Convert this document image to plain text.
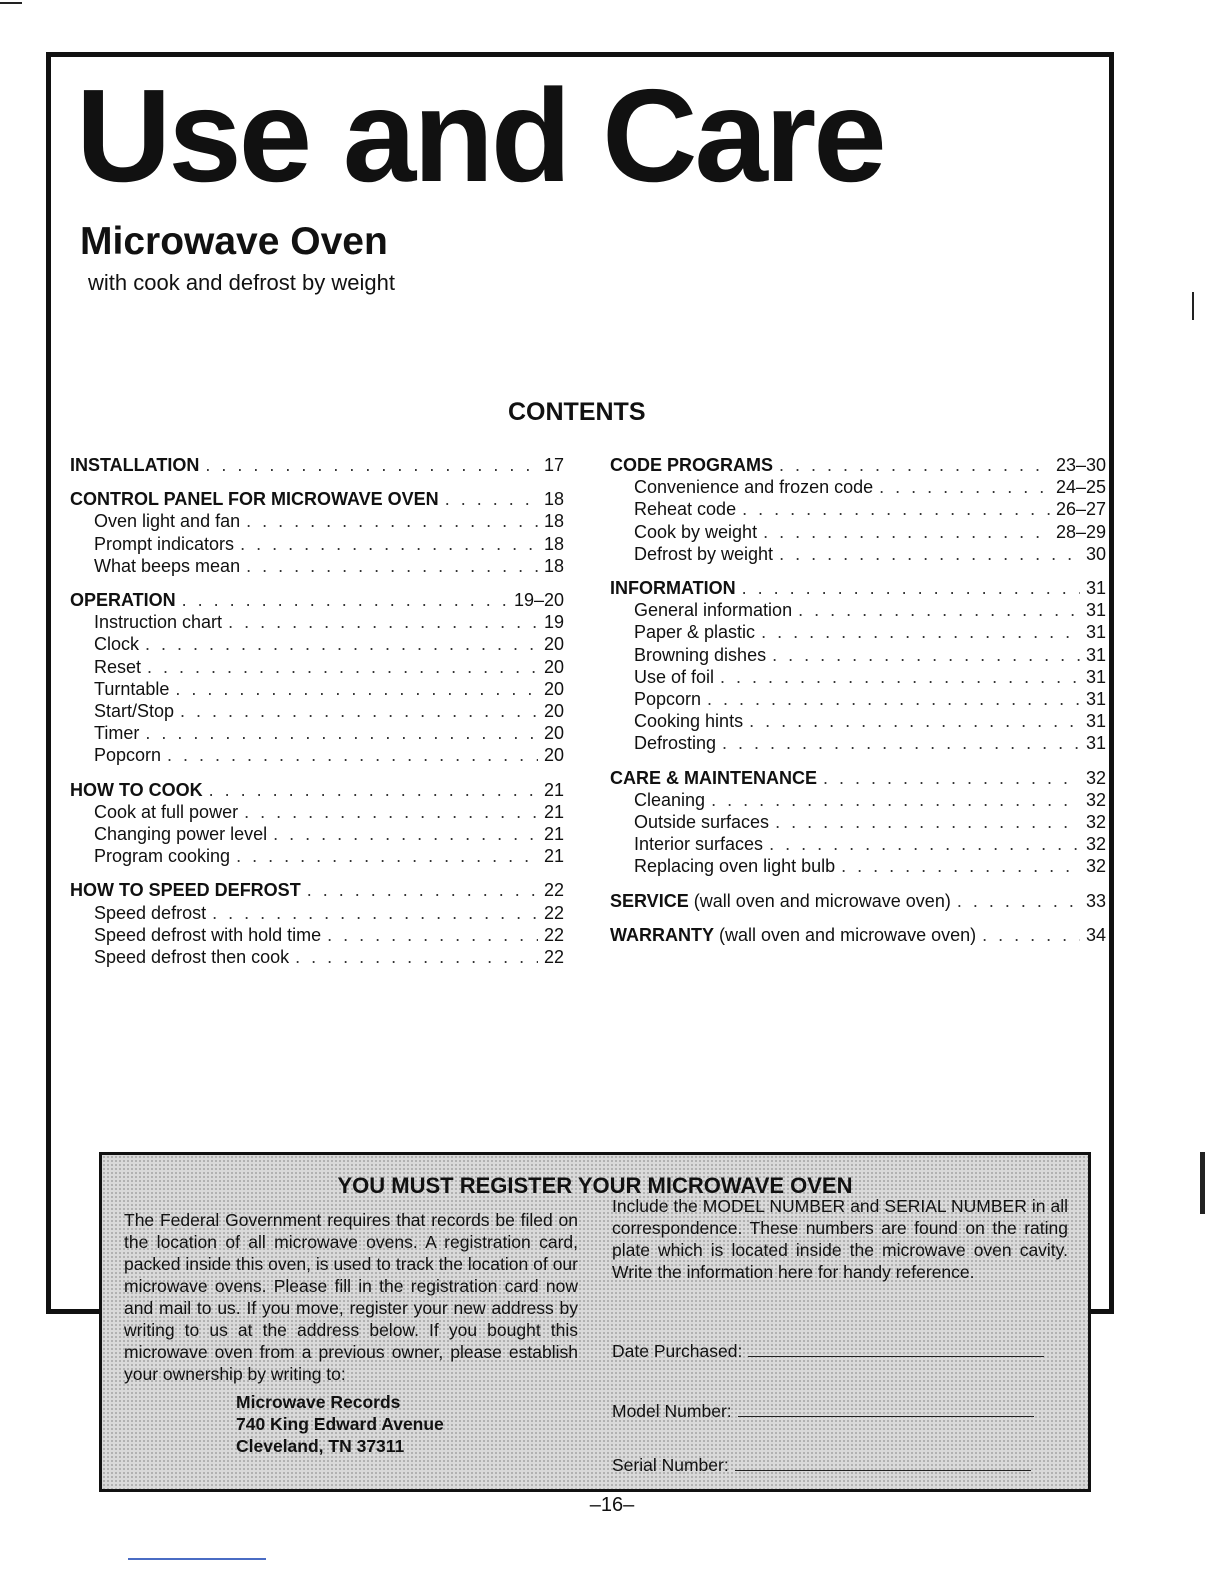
Use and Care
Microwave Oven
with cook and defrost by weight
CONTENTS
INSTALLATION . . .	17
CONTROL PANEL FOR MICROWAVE OVEN . . .	18
Oven light and fan . . .	18
Prompt indicators . . .	18
What beeps mean . . .	18
OPERATION . . .	19–20
Instruction chart . . .	19
Clock . . .	20
Reset . . .	20
Turntable . . .	20
Start/Stop . . .	20
Timer . . .	20
Popcorn . . .	20
HOW TO COOK . . .	21
Cook at full power . . .	21
Changing power level . . .	21
Program cooking . . .	21
HOW TO SPEED DEFROST . . .	22
Speed defrost . . .	22
Speed defrost with hold time . . .	22
Speed defrost then cook . . .	22
CODE PROGRAMS . . .	23–30
Convenience and frozen code . . .	24–25
Reheat code . . .	26–27
Cook by weight . . .	28–29
Defrost by weight . . .	30
INFORMATION . . .	31
General information . . .	31
Paper & plastic . . .	31
Browning dishes . . .	31
Use of foil . . .	31
Popcorn . . .	31
Cooking hints . . .	31
Defrosting . . .	31
CARE & MAINTENANCE . . .	32
Cleaning . . .	32
Outside surfaces . . .	32
Interior surfaces . . .	32
Replacing oven light bulb . . .	32
SERVICE (wall oven and microwave oven) . . .	33
WARRANTY (wall oven and microwave oven) . . .	34
YOU MUST REGISTER YOUR MICROWAVE OVEN
The Federal Government requires that records be filed on the location of all microwave ovens. A registration card, packed inside this oven, is used to track the location of our microwave ovens. Please fill in the registration card now and mail to us. If you move, register your new address by writing to us at the address below. If you bought this microwave oven from a previous owner, please establish your ownership by writing to:
Microwave Records
740 King Edward Avenue
Cleveland, TN 37311
Include the MODEL NUMBER and SERIAL NUMBER in all correspondence. These numbers are found on the rating plate which is located inside the microwave oven cavity. Write the information here for handy reference.
Date Purchased:
Model Number:
Serial Number:
–16–
